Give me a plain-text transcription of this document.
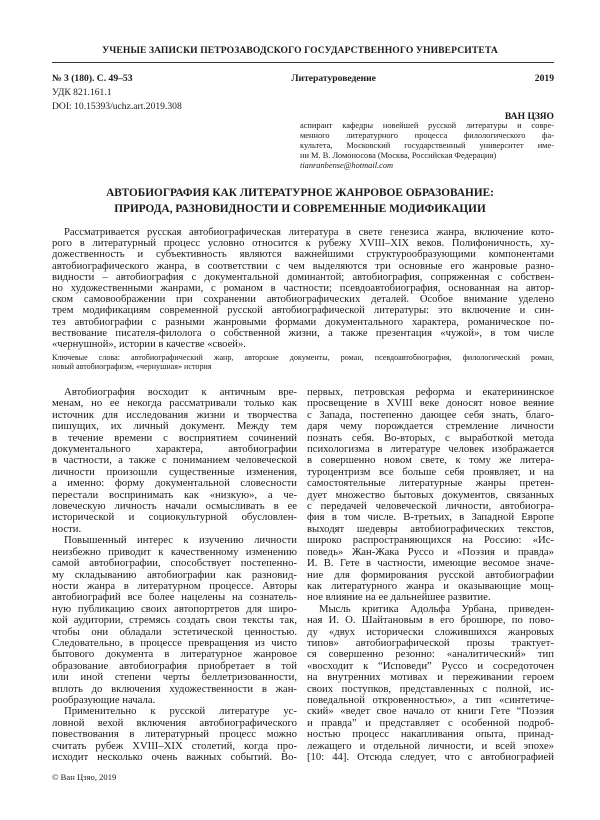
УЧЕНЫЕ ЗАПИСКИ ПЕТРОЗАВОДСКОГО ГОСУДАРСТВЕННОГО УНИВЕРСИТЕТА
№ 3 (180). С. 49–53	Литературоведение	2019
УДК 821.161.1
DOI: 10.15393/uchz.art.2019.308
ВАН ЦЗЯО
аспирант кафедры новейшей русской литературы и совре-
менного литературного процесса филологического фа-
культета, Московский государственный университет име-
ни М. В. Ломоносова (Москва, Российская Федерация)
tianranbense@hotmail.com
АВТОБИОГРАФИЯ КАК ЛИТЕРАТУРНОЕ ЖАНРОВОЕ ОБРАЗОВАНИЕ:
ПРИРОДА, РАЗНОВИДНОСТИ И СОВРЕМЕННЫЕ МОДИФИКАЦИИ
Рассматривается русская автобиографическая литература в свете генезиса жанра, включение кото-
рого в литературный процесс условно относится к рубежу XVIII–XIX веков. Полифоничность, ху-
дожественность и субъективность являются важнейшими структурообразующими компонентами
автобиографического жанра, в соответствии с чем выделяются три основные его жанровые разно-
видности – автобиография с документальной доминантой; автобиография, сопряженная с собствен-
но художественными жанрами, с романом в частности; псевдоавтобиография, основанная на автор-
ском самовоображении при сохранении автобиографических деталей. Особое внимание уделено
трем модификациям современной русской автобиографической литературы: это включение и син-
тез автобиографии с разными жанровыми формами документального характера, романическое по-
вествование писателя-филолога о собственной жизни, а также презентация «чужой», в том числе
«чернушной», истории в качестве «своей».
Ключевые слова: автобиографический жанр, авторские документы, роман, псевдоавтобиография, филологический роман,
новый автобиографизм, «чернушная» история
Автобиография восходит к античным вре-
менам, но ее некогда рассматривали только как
источник для исследования жизни и творчества
пишущих, их личный документ. Между тем
в течение времени с восприятием сочинений
документального характера, автобиографии
в частности, а также с пониманием человеческой
личности произошли существенные изменения,
а именно: форму документальной словесности
перестали воспринимать как «низкую», а че-
ловеческую личность начали осмысливать в ее
исторической и социокультурной обусловлен-
ности.
Повышенный интерес к изучению личности
неизбежно приводит к качественному изменению
самой автобиографии, способствует постепенно-
му складыванию автобиографии как разновид-
ности жанра в литературном процессе. Авторы
автобиографий все более нацелены на сознатель-
ную публикацию своих автопортретов для широ-
кой аудитории, стремясь создать свои тексты так,
чтобы они обладали эстетической ценностью.
Следовательно, в процессе превращения из чисто
бытового документа в литературное жанровое
образование автобиография приобретает в той
или иной степени черты беллетризованности,
вплоть до включения художественности в жан-
рообразующие начала.
Применительно к русской литературе ус-
ловной вехой включения автобиографического
повествования в литературный процесс можно
считать рубеж XVIII–XIX столетий, когда про-
исходит несколько очень важных событий. Во-
первых, петровская реформа и екатерининское
просвещение в XVIII веке доносят новое веяние
с Запада, постепенно дающее себя знать, благо-
даря чему порождается стремление личности
познать себя. Во-вторых, с выработкой метода
психологизма в литературе человек изображается
в совершенно новом свете, к тому же литера-
туроцентризм все больше себя проявляет, и на
самостоятельные литературные жанры претен-
дует множество бытовых документов, связанных
с передачей человеческой личности, автобиогра-
фия в том числе. В-третьих, в Западной Европе
выходят шедевры автобиографических текстов,
широко распространяющихся на Россию: «Ис-
поведь» Жан-Жака Руссо и «Поэзия и правда»
И. В. Гете в частности, имеющие весомое значе-
ние для формирования русской автобиографии
как литературного жанра и оказывающие мощ-
ное влияние на ее дальнейшее развитие.
Мысль критика Адольфа Урбана, приведен-
ная И. О. Шайтановым в его брошюре, по пово-
ду «двух исторически сложившихся жанровых
типов» автобиографической прозы трактует-
ся совершенно резонно: «аналитический» тип
«восходит к “Исповеди” Руссо и сосредоточен
на внутренних мотивах и переживании героем
своих поступков, представленных с полной, ис-
поведальной откровенностью», а тип «синтетиче-
ский» «ведет свое начало от книги Гете “Поэзия
и правда” и представляет с особенной подроб-
ностью процесс накапливания опыта, принад-
лежащего и отдельной личности, и всей эпохе»
[10: 44]. Отсюда следует, что с автобиографией
© Ван Цзяо, 2019
